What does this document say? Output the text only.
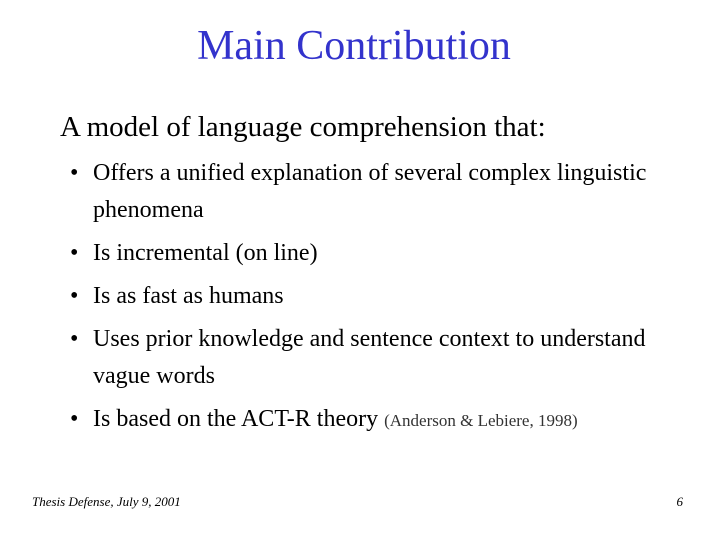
Main Contribution
A model of language comprehension that:
• Offers a unified explanation of several complex linguistic phenomena
• Is incremental (on line)
• Is as fast as humans
• Uses prior knowledge and sentence context to understand vague words
• Is based on the ACT-R theory (Anderson & Lebiere, 1998)
Thesis Defense, July 9, 2001	6
